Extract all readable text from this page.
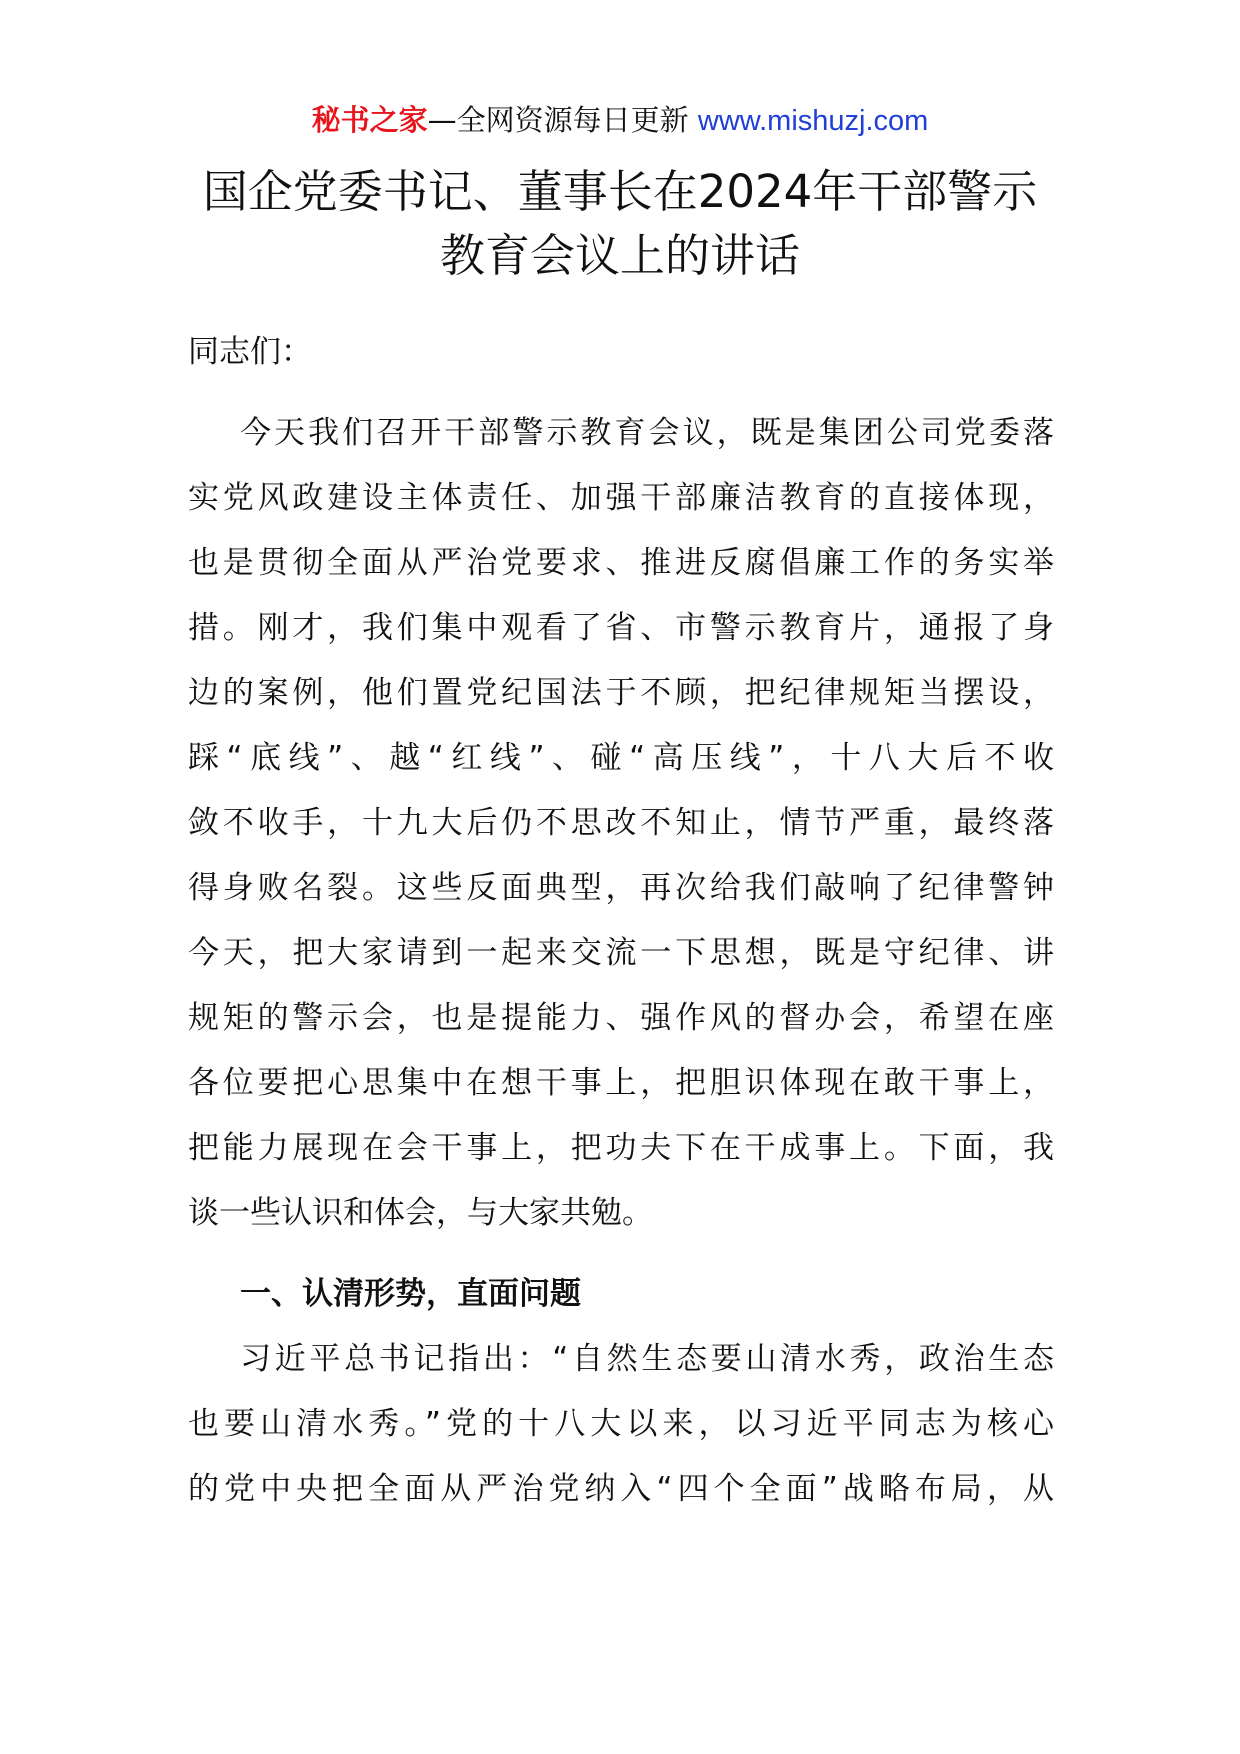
秘书之家—全网资源每日更新 www.mishuzj.com
国企党委书记、董事长在2024年干部警示
教育会议上的讲话
同志们：
今天我们召开干部警示教育会议，既是集团公司党委落
实党风政建设主体责任、加强干部廉洁教育的直接体现，
也是贯彻全面从严治党要求、推进反腐倡廉工作的务实举
措。刚才，我们集中观看了省、市警示教育片，通报了身
边的案例，他们置党纪国法于不顾，把纪律规矩当摆设，
踩“底线”、越“红线”、碰“高压线”，十八大后不收
敛不收手，十九大后仍不思改不知止，情节严重，最终落
得身败名裂。这些反面典型，再次给我们敲响了纪律警钟
今天，把大家请到一起来交流一下思想，既是守纪律、讲
规矩的警示会，也是提能力、强作风的督办会，希望在座
各位要把心思集中在想干事上，把胆识体现在敢干事上，
把能力展现在会干事上，把功夫下在干成事上。下面，我
谈一些认识和体会，与大家共勉。
一、认清形势，直面问题
习近平总书记指出：“自然生态要山清水秀，政治生态
也要山清水秀。”党的十八大以来，以习近平同志为核心
的党中央把全面从严治党纳入“四个全面”战略布局，从
